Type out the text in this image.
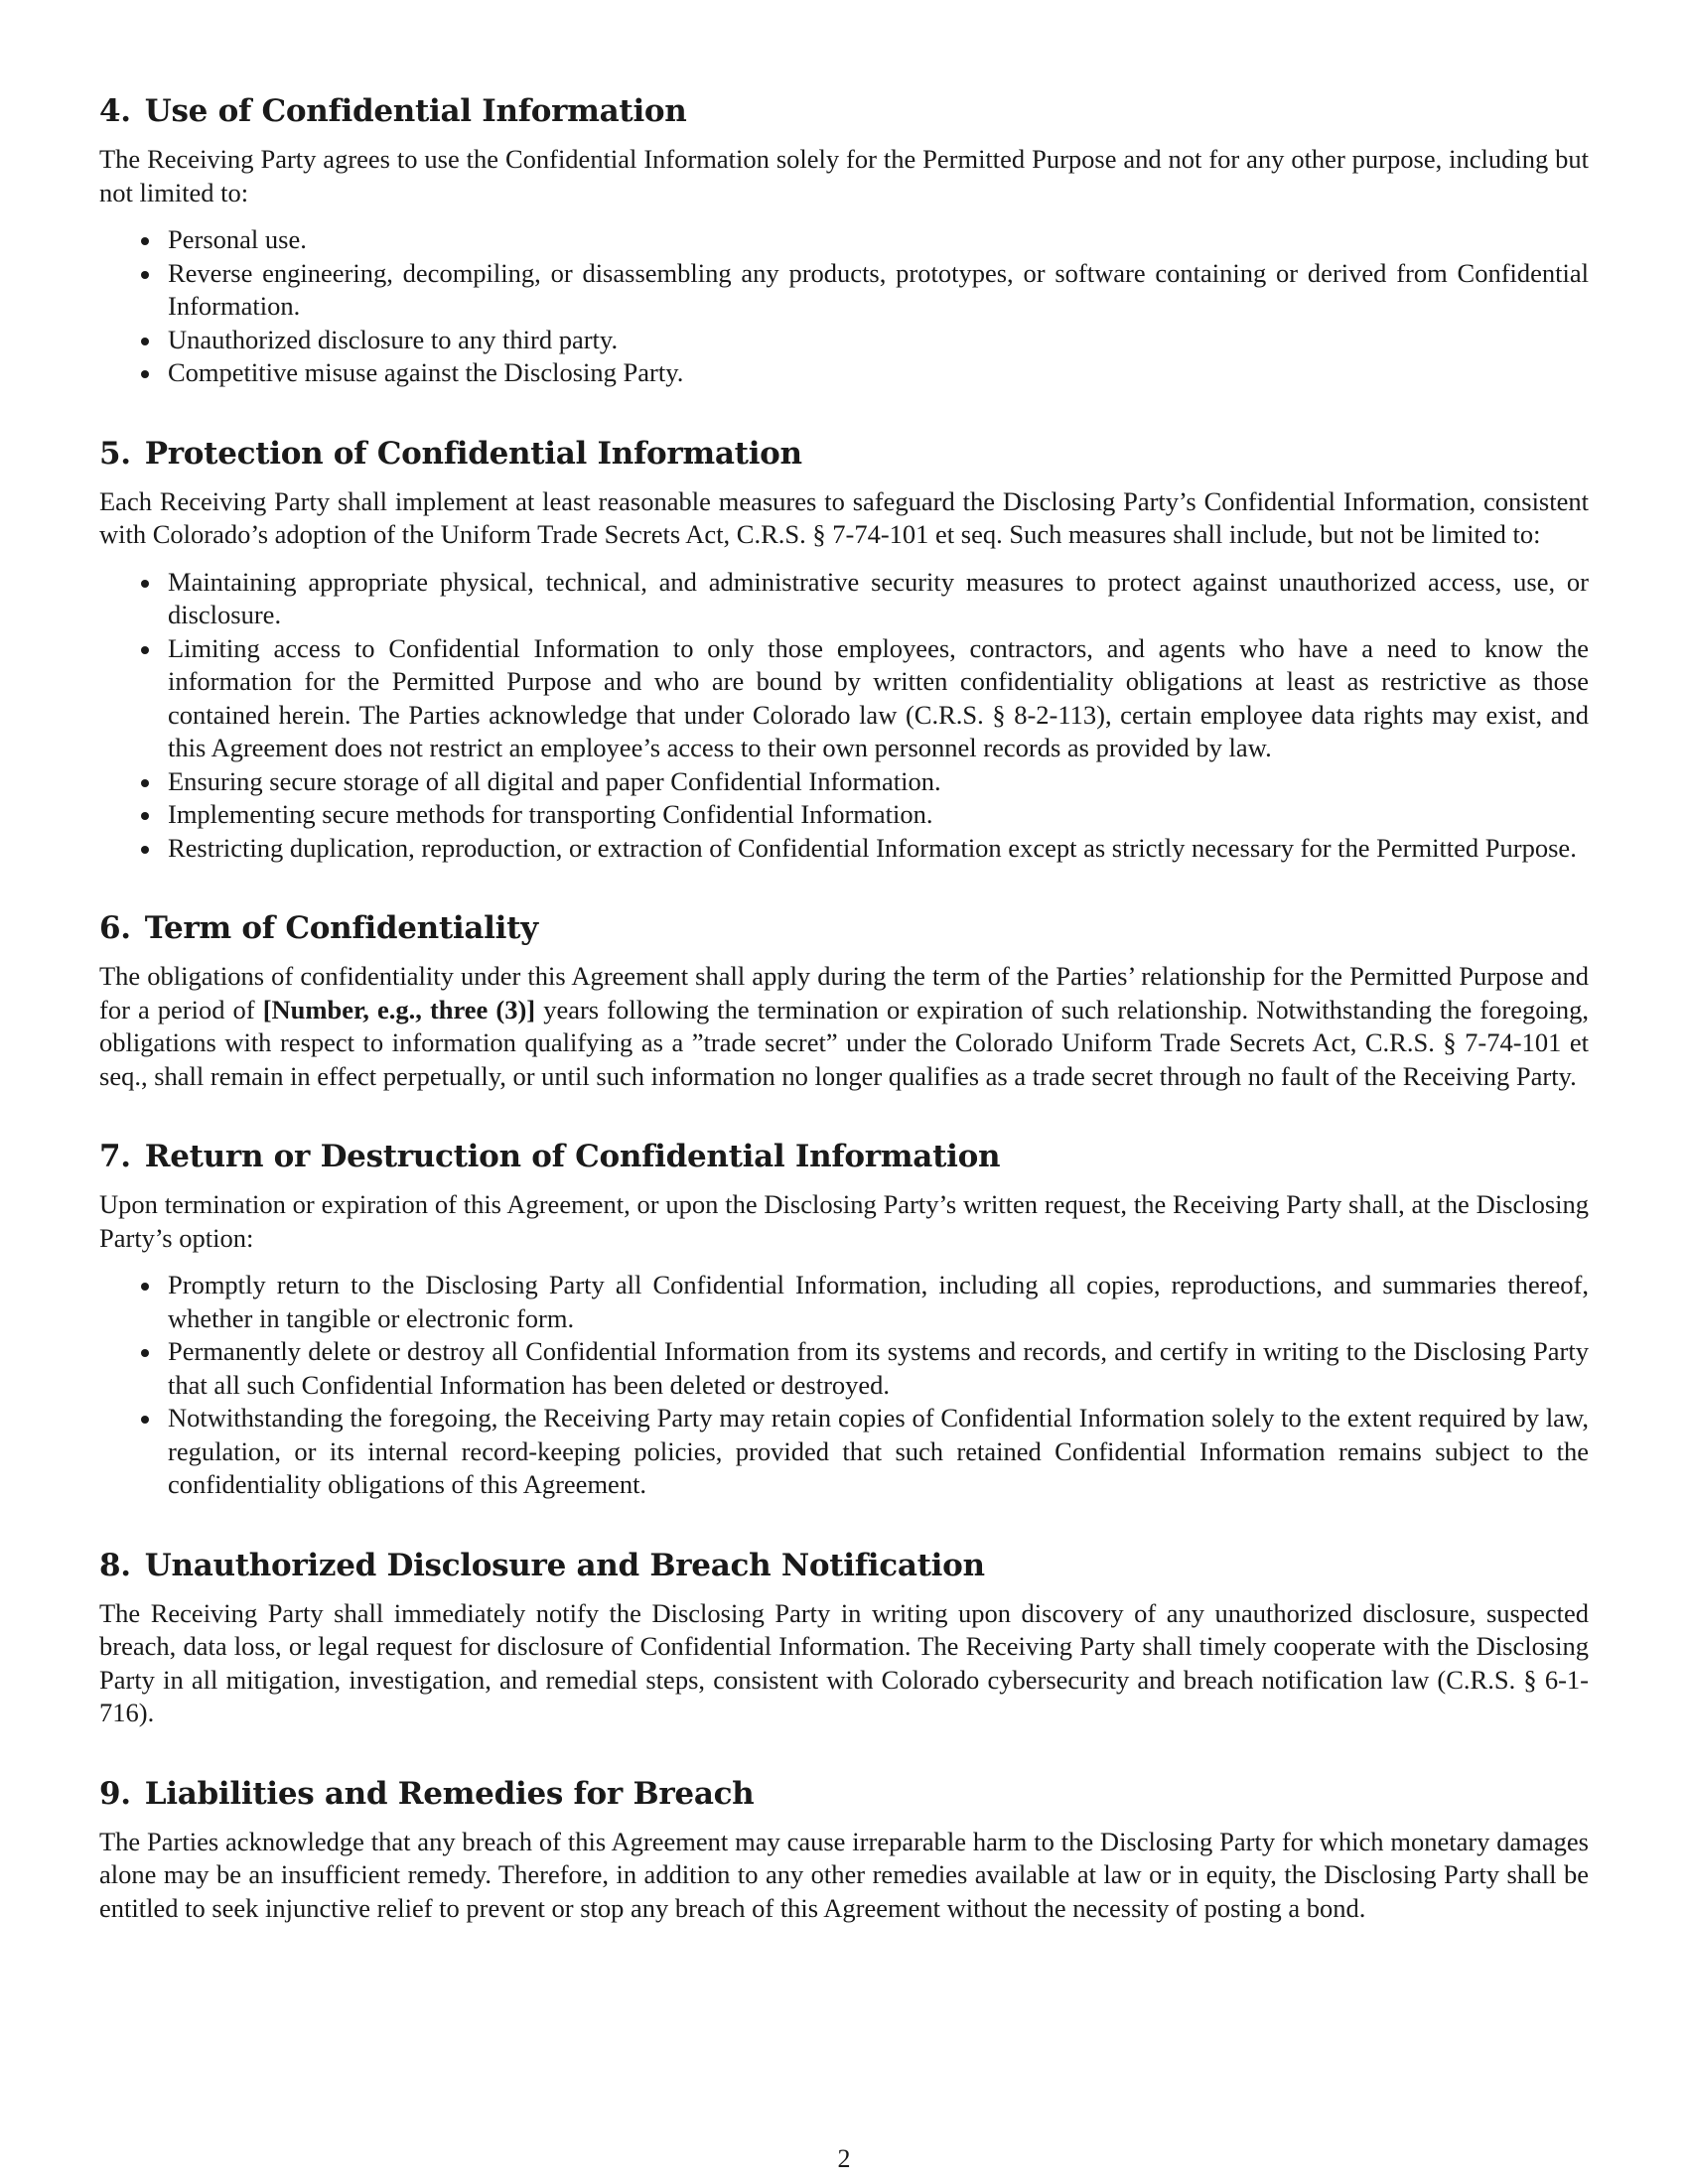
4. Use of Confidential Information

The Receiving Party agrees to use the Confidential Information solely for the Permitted Purpose and not for any other purpose, including but not limited to:

Personal use.
Reverse engineering, decompiling, or disassembling any products, prototypes, or software containing or derived from Confidential Information.
Unauthorized disclosure to any third party.
Competitive misuse against the Disclosing Party.
5. Protection of Confidential Information

Each Receiving Party shall implement at least reasonable measures to safeguard the Disclosing Party’s Confidential Information, consistent with Colorado’s adoption of the Uniform Trade Secrets Act, C.R.S. § 7-74-101 et seq. Such measures shall include, but not be limited to:

Maintaining appropriate physical, technical, and administrative security measures to protect against unauthorized access, use, or disclosure.
Limiting access to Confidential Information to only those employees, contractors, and agents who have a need to know the information for the Permitted Purpose and who are bound by written confidentiality obligations at least as restrictive as those contained herein. The Parties acknowledge that under Colorado law (C.R.S. § 8-2-113), certain employee data rights may exist, and this Agreement does not restrict an employee’s access to their own personnel records as provided by law.
Ensuring secure storage of all digital and paper Confidential Information.
Implementing secure methods for transporting Confidential Information.
Restricting duplication, reproduction, or extraction of Confidential Information except as strictly necessary for the Permitted Purpose.
6. Term of Confidentiality

The obligations of confidentiality under this Agreement shall apply during the term of the Parties’ relationship for the Permitted Purpose and for a period of [Number, e.g., three (3)] years following the termination or expiration of such relationship. Notwithstanding the foregoing, obligations with respect to information qualifying as a ”trade secret” under the Colorado Uniform Trade Secrets Act, C.R.S. § 7-74-101 et seq., shall remain in effect perpetually, or until such information no longer qualifies as a trade secret through no fault of the Receiving Party.

7. Return or Destruction of Confidential Information

Upon termination or expiration of this Agreement, or upon the Disclosing Party’s written request, the Receiving Party shall, at the Disclosing Party’s option:

Promptly return to the Disclosing Party all Confidential Information, including all copies, reproductions, and summaries thereof, whether in tangible or electronic form.
Permanently delete or destroy all Confidential Information from its systems and records, and certify in writing to the Disclosing Party that all such Confidential Information has been deleted or destroyed.
Notwithstanding the foregoing, the Receiving Party may retain copies of Confidential Information solely to the extent required by law, regulation, or its internal record-keeping policies, provided that such retained Confidential Information remains subject to the confidentiality obligations of this Agreement.
8. Unauthorized Disclosure and Breach Notification

The Receiving Party shall immediately notify the Disclosing Party in writing upon discovery of any unauthorized disclosure, suspected breach, data loss, or legal request for disclosure of Confidential Information. The Receiving Party shall timely cooperate with the Disclosing Party in all mitigation, investigation, and remedial steps, consistent with Colorado cybersecurity and breach notification law (C.R.S. § 6-1-716).

9. Liabilities and Remedies for Breach

The Parties acknowledge that any breach of this Agreement may cause irreparable harm to the Disclosing Party for which monetary damages alone may be an insufficient remedy. Therefore, in addition to any other remedies available at law or in equity, the Disclosing Party shall be entitled to seek injunctive relief to prevent or stop any breach of this Agreement without the necessity of posting a bond.

2
